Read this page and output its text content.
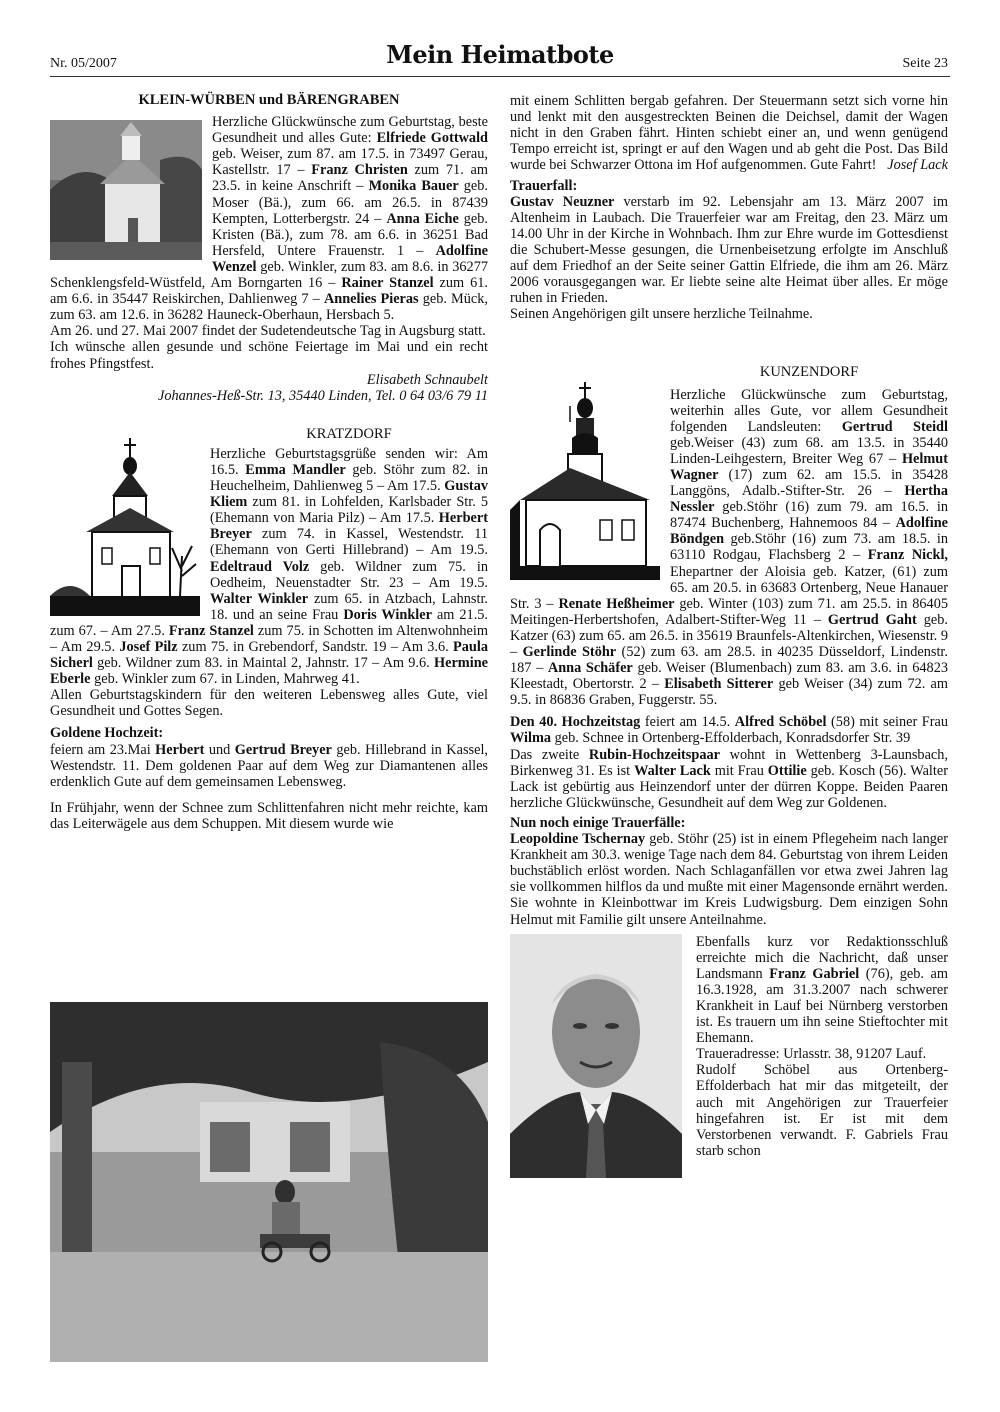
Nr. 05/2007	Mein Heimatbote	Seite 23

KLEIN-WÜRBEN und BÄRENGRABEN

Herzliche Glückwünsche zum Geburtstag, beste Gesundheit und alles Gute: Elfriede Gottwald geb. Weiser, zum 87. am 17.5. in 73497 Gerau, Kastellstr. 17 – Franz Christen zum 71. am 23.5. in keine Anschrift – Monika Bauer geb. Moser (Bä.), zum 66. am 26.5. in 87439 Kempten, Lotterbergstr. 24 – Anna Eiche geb. Kristen (Bä.), zum 78. am 6.6. in 36251 Bad Hersfeld, Untere Frauenstr. 1 – Adolfine Wenzel geb. Winkler, zum 83. am 8.6. in 36277 Schenklengsfeld-Wüstfeld, Am Borngarten 16 – Rainer Stanzel zum 61. am 6.6. in 35447 Reiskirchen, Dahlienweg 7 – Annelies Pieras geb. Mück, zum 63. am 12.6. in 36282 Hauneck-Oberhaun, Hersbach 5.

Am 26. und 27. Mai 2007 findet der Sudetendeutsche Tag in Augsburg statt.

Ich wünsche allen gesunde und schöne Feiertage im Mai und ein recht frohes Pfingstfest.

Elisabeth Schnaubelt

Johannes-Heß-Str. 13, 35440 Linden, Tel. 0 64 03/6 79 11

KRATZDORF

Herzliche Geburtstagsgrüße senden wir: Am 16.5. Emma Mandler geb. Stöhr zum 82. in Heuchelheim, Dahlienweg 5 – Am 17.5. Gustav Kliem zum 81. in Lohfelden, Karlsbader Str. 5 (Ehemann von Maria Pilz) – Am 17.5. Herbert Breyer zum 74. in Kassel, Westendstr. 11 (Ehemann von Gerti Hillebrand) – Am 19.5. Edeltraud Volz geb. Wildner zum 75. in Oedheim, Neuenstadter Str. 23 – Am 19.5. Walter Winkler zum 65. in Atzbach, Lahnstr. 18. und an seine Frau Doris Winkler am 21.5. zum 67. – Am 27.5. Franz Stanzel zum 75. in Schotten im Altenwohnheim – Am 29.5. Josef Pilz zum 75. in Grebendorf, Sandstr. 19 – Am 3.6. Paula Sicherl geb. Wildner zum 83. in Maintal 2, Jahnstr. 17 – Am 9.6. Hermine Eberle geb. Winkler zum 67. in Linden, Mahrweg 41.

Allen Geburtstagskindern für den weiteren Lebensweg alles Gute, viel Gesundheit und Gottes Segen.

Goldene Hochzeit:

feiern am 23.Mai Herbert und Gertrud Breyer geb. Hillebrand in Kassel, Westendstr. 11. Dem goldenen Paar auf dem Weg zur Diamantenen alles erdenklich Gute auf dem gemeinsamen Lebensweg.

In Frühjahr, wenn der Schnee zum Schlittenfahren nicht mehr reichte, kam das Leiterwägele aus dem Schuppen. Mit diesem wurde wie

mit einem Schlitten bergab gefahren. Der Steuermann setzt sich vorne hin und lenkt mit den ausgestreckten Beinen die Deichsel, damit der Wagen nicht in den Graben fährt. Hinten schiebt einer an, und wenn genügend Tempo erreicht ist, springt er auf den Wagen und ab geht die Post. Das Bild wurde bei Schwarzer Ottona im Hof aufgenommen. Gute Fahrt! Josef Lack

Trauerfall:

Gustav Neuzner verstarb im 92. Lebensjahr am 13. März 2007 im Altenheim in Laubach. Die Trauerfeier war am Freitag, den 23. März um 14.00 Uhr in der Kirche in Wohnbach. Ihm zur Ehre wurde im Gottesdienst die Schubert-Messe gesungen, die Urnenbeisetzung erfolgte im Anschluß auf dem Friedhof an der Seite seiner Gattin Elfriede, die ihm am 26. März 2006 vorausgegangen war. Er liebte seine alte Heimat über alles. Er möge ruhen in Frieden.

Seinen Angehörigen gilt unsere herzliche Teilnahme.

KUNZENDORF

Herzliche Glückwünsche zum Geburtstag, weiterhin alles Gute, vor allem Gesundheit folgenden Landsleuten: Gertrud Steidl geb.Weiser (43) zum 68. am 13.5. in 35440 Linden-Leihgestern, Breiter Weg 67 – Helmut Wagner (17) zum 62. am 15.5. in 35428 Langgöns, Adalb.-Stifter-Str. 26 – Hertha Nessler geb.Stöhr (16) zum 79. am 16.5. in 87474 Buchenberg, Hahnemoos 84 – Adolfine Böndgen geb.Stöhr (16) zum 73. am 18.5. in 63110 Rodgau, Flachsberg 2 – Franz Nickl, Ehepartner der Aloisia geb. Katzer, (61) zum 65. am 20.5. in 63683 Ortenberg, Neue Hanauer Str. 3 – Renate Heßheimer geb. Winter (103) zum 71. am 25.5. in 86405 Meitingen-Herbertshofen, Adalbert-Stifter-Weg 11 – Gertrud Gaht geb. Katzer (63) zum 65. am 26.5. in 35619 Braunfels-Altenkirchen, Wiesenstr. 9 – Gerlinde Stöhr (52) zum 63. am 28.5. in 40235 Düsseldorf, Lindenstr. 187 – Anna Schäfer geb. Weiser (Blumenbach) zum 83. am 3.6. in 64823 Kleestadt, Obertorstr. 2 – Elisabeth Sitterer geb Weiser (34) zum 72. am 9.5. in 86836 Graben, Fuggerstr. 55.

Den 40. Hochzeitstag feiert am 14.5. Alfred Schöbel (58) mit seiner Frau Wilma geb. Schnee in Ortenberg-Effolderbach, Konradsdorfer Str. 39

Das zweite Rubin-Hochzeitspaar wohnt in Wettenberg 3-Launsbach, Birkenweg 31. Es ist Walter Lack mit Frau Ottilie geb. Kosch (56). Walter Lack ist gebürtig aus Heinzendorf unter der dürren Koppe. Beiden Paaren herzliche Glückwünsche, Gesundheit auf dem Weg zur Goldenen.

Nun noch einige Trauerfälle:

Leopoldine Tschernay geb. Stöhr (25) ist in einem Pflegeheim nach langer Krankheit am 30.3. wenige Tage nach dem 84. Geburtstag von ihrem Leiden buchstäblich erlöst worden. Nach Schlaganfällen vor etwa zwei Jahren lag sie vollkommen hilflos da und mußte mit einer Magensonde ernährt werden. Sie wohnte in Kleinbottwar im Kreis Ludwigsburg. Dem einzigen Sohn Helmut mit Familie gilt unsere Anteilnahme.

Ebenfalls kurz vor Redaktionsschluß erreichte mich die Nachricht, daß unser Landsmann Franz Gabriel (76), geb. am 16.3.1928, am 31.3.2007 nach schwerer Krankheit in Lauf bei Nürnberg verstorben ist. Es trauern um ihn seine Stieftochter mit Ehemann.

Traueradresse: Urlasstr. 38, 91207 Lauf.

Rudolf Schöbel aus Ortenberg-Effolderbach hat mir das mitgeteilt, der auch mit Angehörigen zur Trauerfeier hingefahren ist. Er ist mit dem Verstorbenen verwandt. F. Gabriels Frau starb schon
